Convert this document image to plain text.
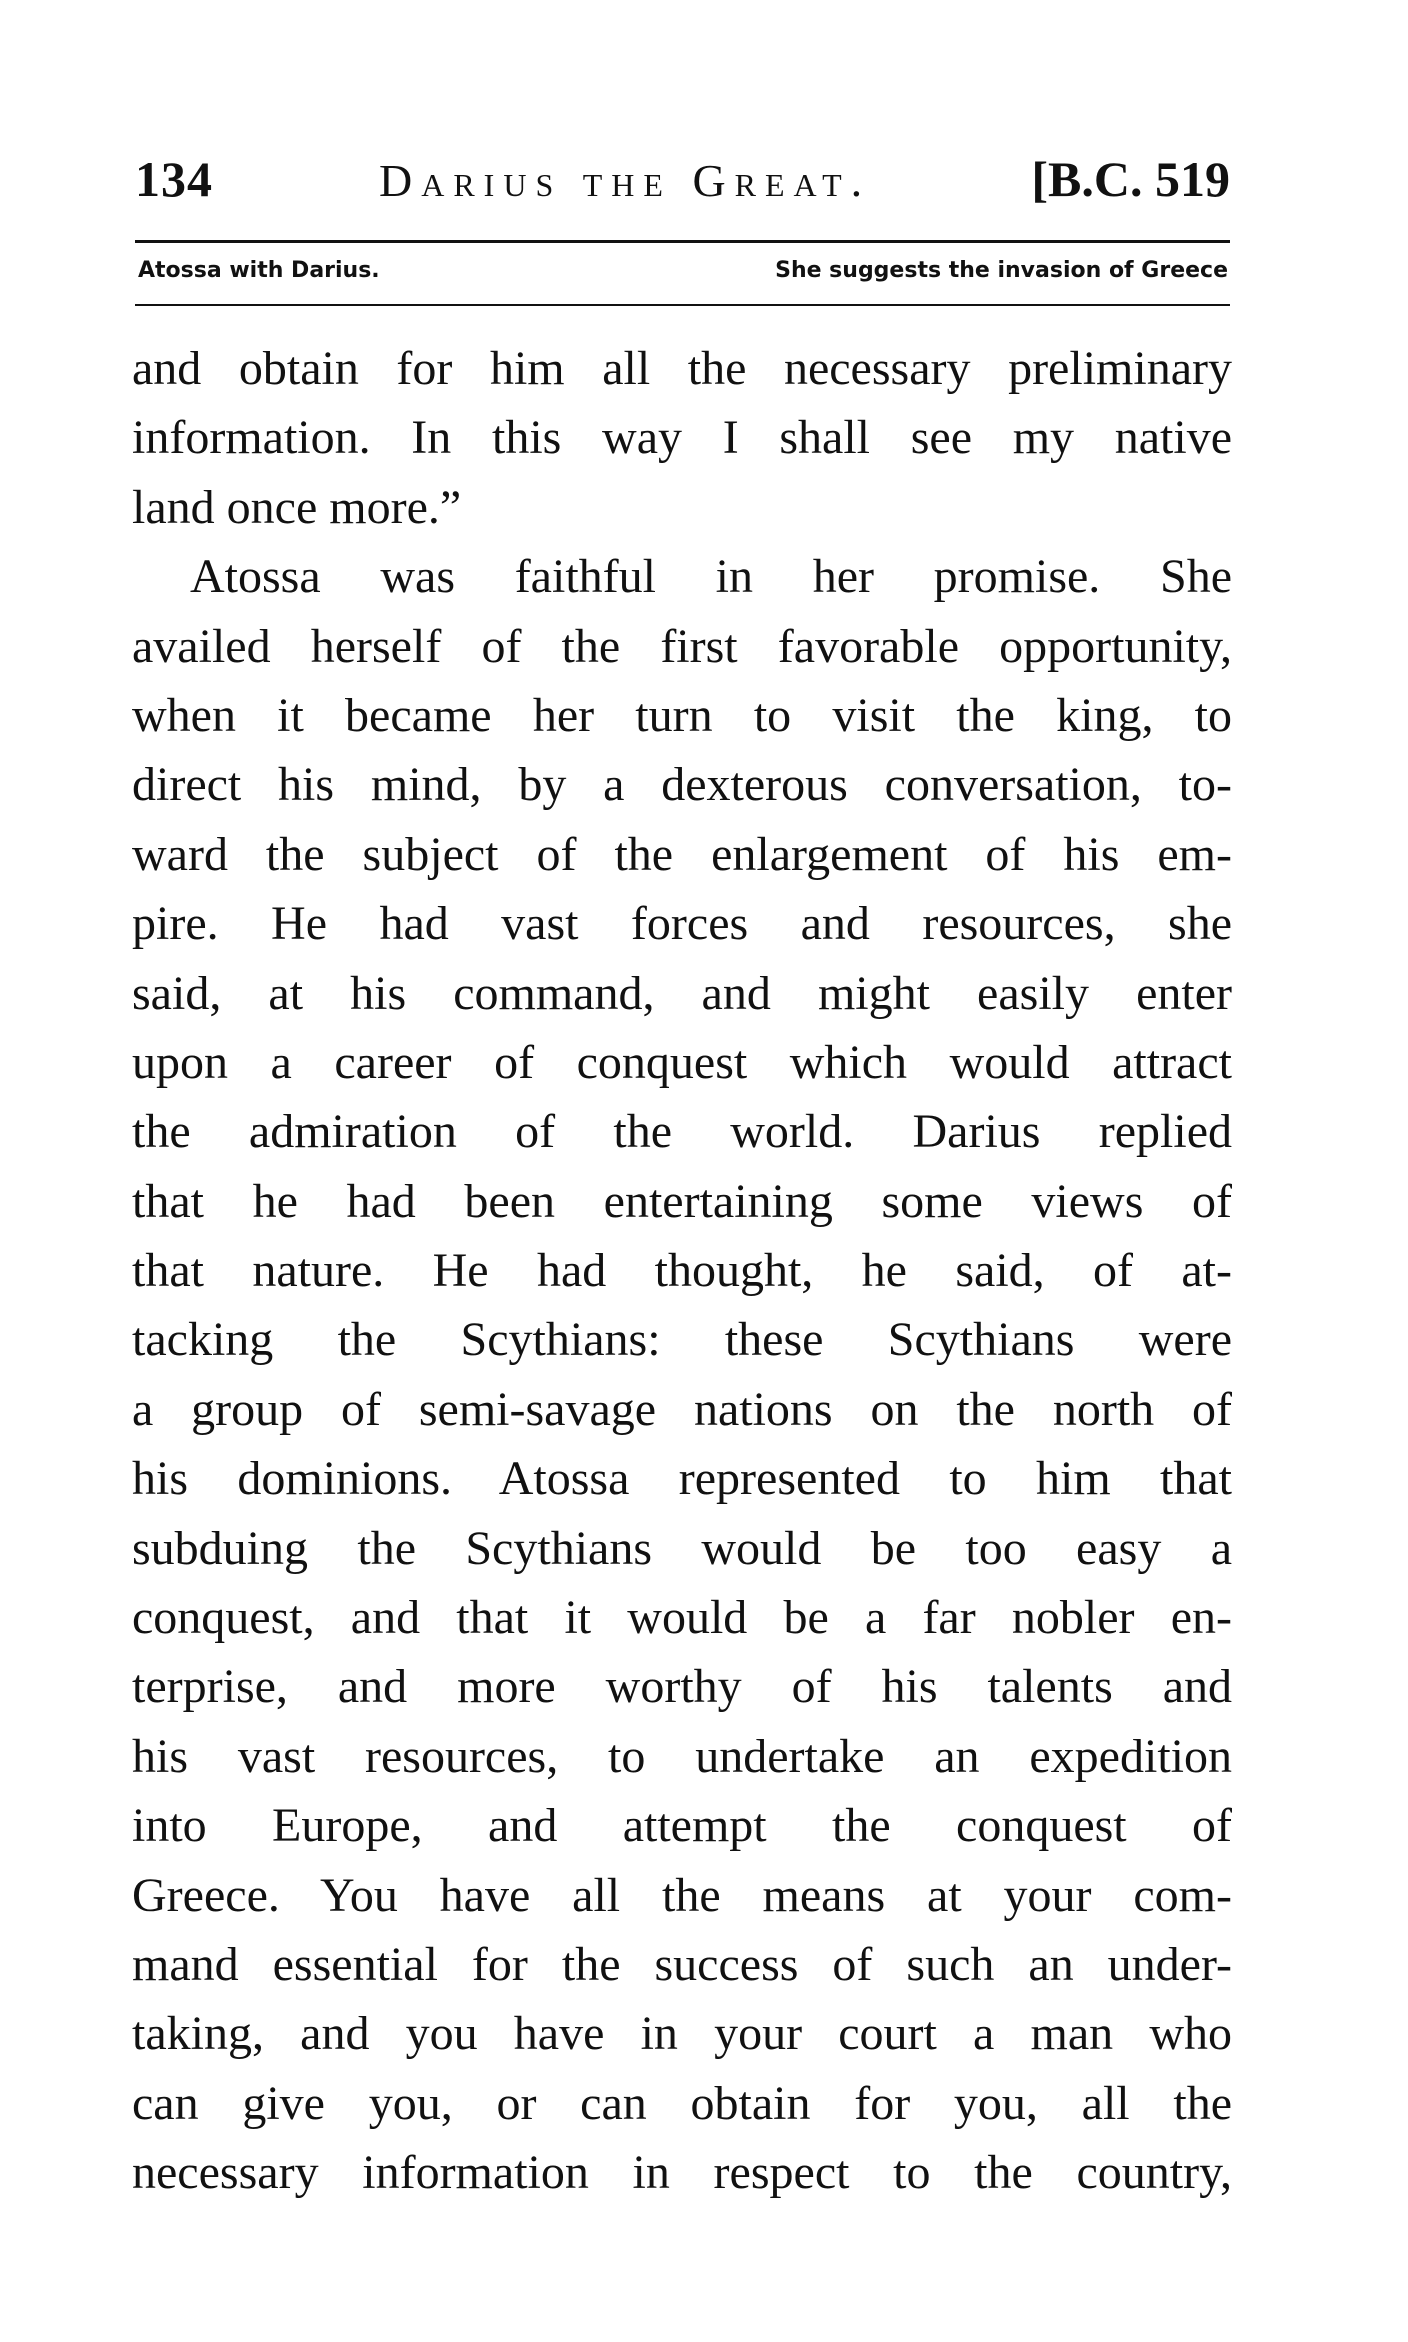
134	Darius the Great.	[B.C. 519
Atossa with Darius.	She suggests the invasion of Greece
and obtain for him all the necessary preliminary
information. In this way I shall see my native
land once more.”
Atossa was faithful in her promise. She
availed herself of the first favorable opportunity,
when it became her turn to visit the king, to
direct his mind, by a dexterous conversation, to-
ward the subject of the enlargement of his em-
pire. He had vast forces and resources, she
said, at his command, and might easily enter
upon a career of conquest which would attract
the admiration of the world. Darius replied
that he had been entertaining some views of
that nature. He had thought, he said, of at-
tacking the Scythians: these Scythians were
a group of semi-savage nations on the north of
his dominions. Atossa represented to him that
subduing the Scythians would be too easy a
conquest, and that it would be a far nobler en-
terprise, and more worthy of his talents and
his vast resources, to undertake an expedition
into Europe, and attempt the conquest of
Greece. You have all the means at your com-
mand essential for the success of such an under-
taking, and you have in your court a man who
can give you, or can obtain for you, all the
necessary information in respect to the country,
